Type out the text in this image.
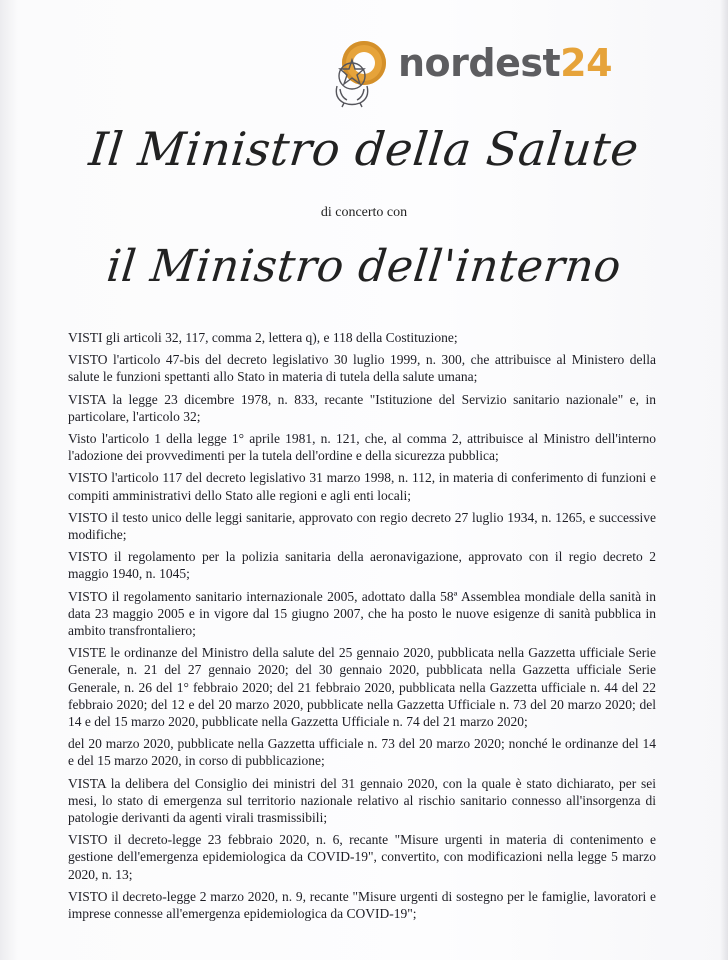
nordest24
Il Ministro della Salute
di concerto con
il Ministro dell'interno

VISTI gli articoli 32, 117, comma 2, lettera q), e 118 della Costituzione;

VISTO l'articolo 47-bis del decreto legislativo 30 luglio 1999, n. 300, che attribuisce al Ministero della salute le funzioni spettanti allo Stato in materia di tutela della salute umana;

VISTA la legge 23 dicembre 1978, n. 833, recante "Istituzione del Servizio sanitario nazionale" e, in particolare, l'articolo 32;

Visto l'articolo 1 della legge 1° aprile 1981, n. 121, che, al comma 2, attribuisce al Ministro dell'interno l'adozione dei provvedimenti per la tutela dell'ordine e della sicurezza pubblica;

VISTO l'articolo 117 del decreto legislativo 31 marzo 1998, n. 112, in materia di conferimento di funzioni e compiti amministrativi dello Stato alle regioni e agli enti locali;

VISTO il testo unico delle leggi sanitarie, approvato con regio decreto 27 luglio 1934, n. 1265, e successive modifiche;

VISTO il regolamento per la polizia sanitaria della aeronavigazione, approvato con il regio decreto 2 maggio 1940, n. 1045;

VISTO il regolamento sanitario internazionale 2005, adottato dalla 58ª Assemblea mondiale della sanità in data 23 maggio 2005 e in vigore dal 15 giugno 2007, che ha posto le nuove esigenze di sanità pubblica in ambito transfrontaliero;

VISTE le ordinanze del Ministro della salute del 25 gennaio 2020, pubblicata nella Gazzetta ufficiale Serie Generale, n. 21 del 27 gennaio 2020; del 30 gennaio 2020, pubblicata nella Gazzetta ufficiale Serie Generale, n. 26 del 1° febbraio 2020; del 21 febbraio 2020, pubblicata nella Gazzetta ufficiale n. 44 del 22 febbraio 2020; del 12 e del 20 marzo 2020, pubblicate nella Gazzetta Ufficiale n. 73 del 20 marzo 2020; del 14 e del 15 marzo 2020, pubblicate nella Gazzetta Ufficiale n. 74 del 21 marzo 2020;

del 20 marzo 2020, pubblicate nella Gazzetta ufficiale n. 73 del 20 marzo 2020; nonché le ordinanze del 14 e del 15 marzo 2020, in corso di pubblicazione;

VISTA la delibera del Consiglio dei ministri del 31 gennaio 2020, con la quale è stato dichiarato, per sei mesi, lo stato di emergenza sul territorio nazionale relativo al rischio sanitario connesso all'insorgenza di patologie derivanti da agenti virali trasmissibili;

VISTO il decreto-legge 23 febbraio 2020, n. 6, recante "Misure urgenti in materia di contenimento e gestione dell'emergenza epidemiologica da COVID-19", convertito, con modificazioni nella legge 5 marzo 2020, n. 13;

VISTO il decreto-legge 2 marzo 2020, n. 9, recante "Misure urgenti di sostegno per le famiglie, lavoratori e imprese connesse all'emergenza epidemiologica da COVID-19";
